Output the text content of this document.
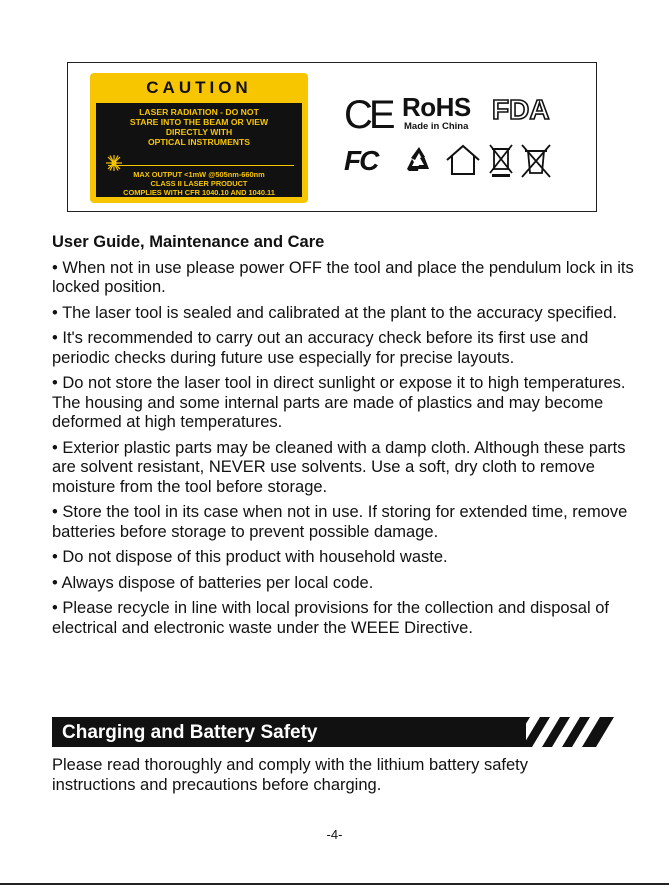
CAUTION
LASER RADIATION - DO NOT
STARE INTO THE BEAM OR VIEW
DIRECTLY WITH
OPTICAL INSTRUMENTS
MAX OUTPUT <1mW @505nm-660nm
CLASS II LASER PRODUCT
COMPLIES WITH CFR 1040.10 AND 1040.11
CE RoHS
Made in China
FDA
FC

User Guide, Maintenance and Care

• When not in use please power OFF the tool and place the pendulum lock in its locked position.

• The laser tool is sealed and calibrated at the plant to the accuracy specified.

• It's recommended to carry out an accuracy check before its first use and periodic checks during future use especially for precise layouts.

• Do not store the laser tool in direct sunlight or expose it to high temperatures. The housing and some internal parts are made of plastics and may become deformed at high temperatures.

• Exterior plastic parts may be cleaned with a damp cloth. Although these parts are solvent resistant, NEVER use solvents. Use a soft, dry cloth to remove moisture from the tool before storage.

• Store the tool in its case when not in use. If storing for extended time, remove batteries before storage to prevent possible damage.

• Do not dispose of this product with household waste.

• Always dispose of batteries per local code.

• Please recycle in line with local provisions for the collection and disposal of electrical and electronic waste under the WEEE Directive.

Charging and Battery Safety

Please read thoroughly and comply with the lithium battery safety instructions and precautions before charging.

-4-
